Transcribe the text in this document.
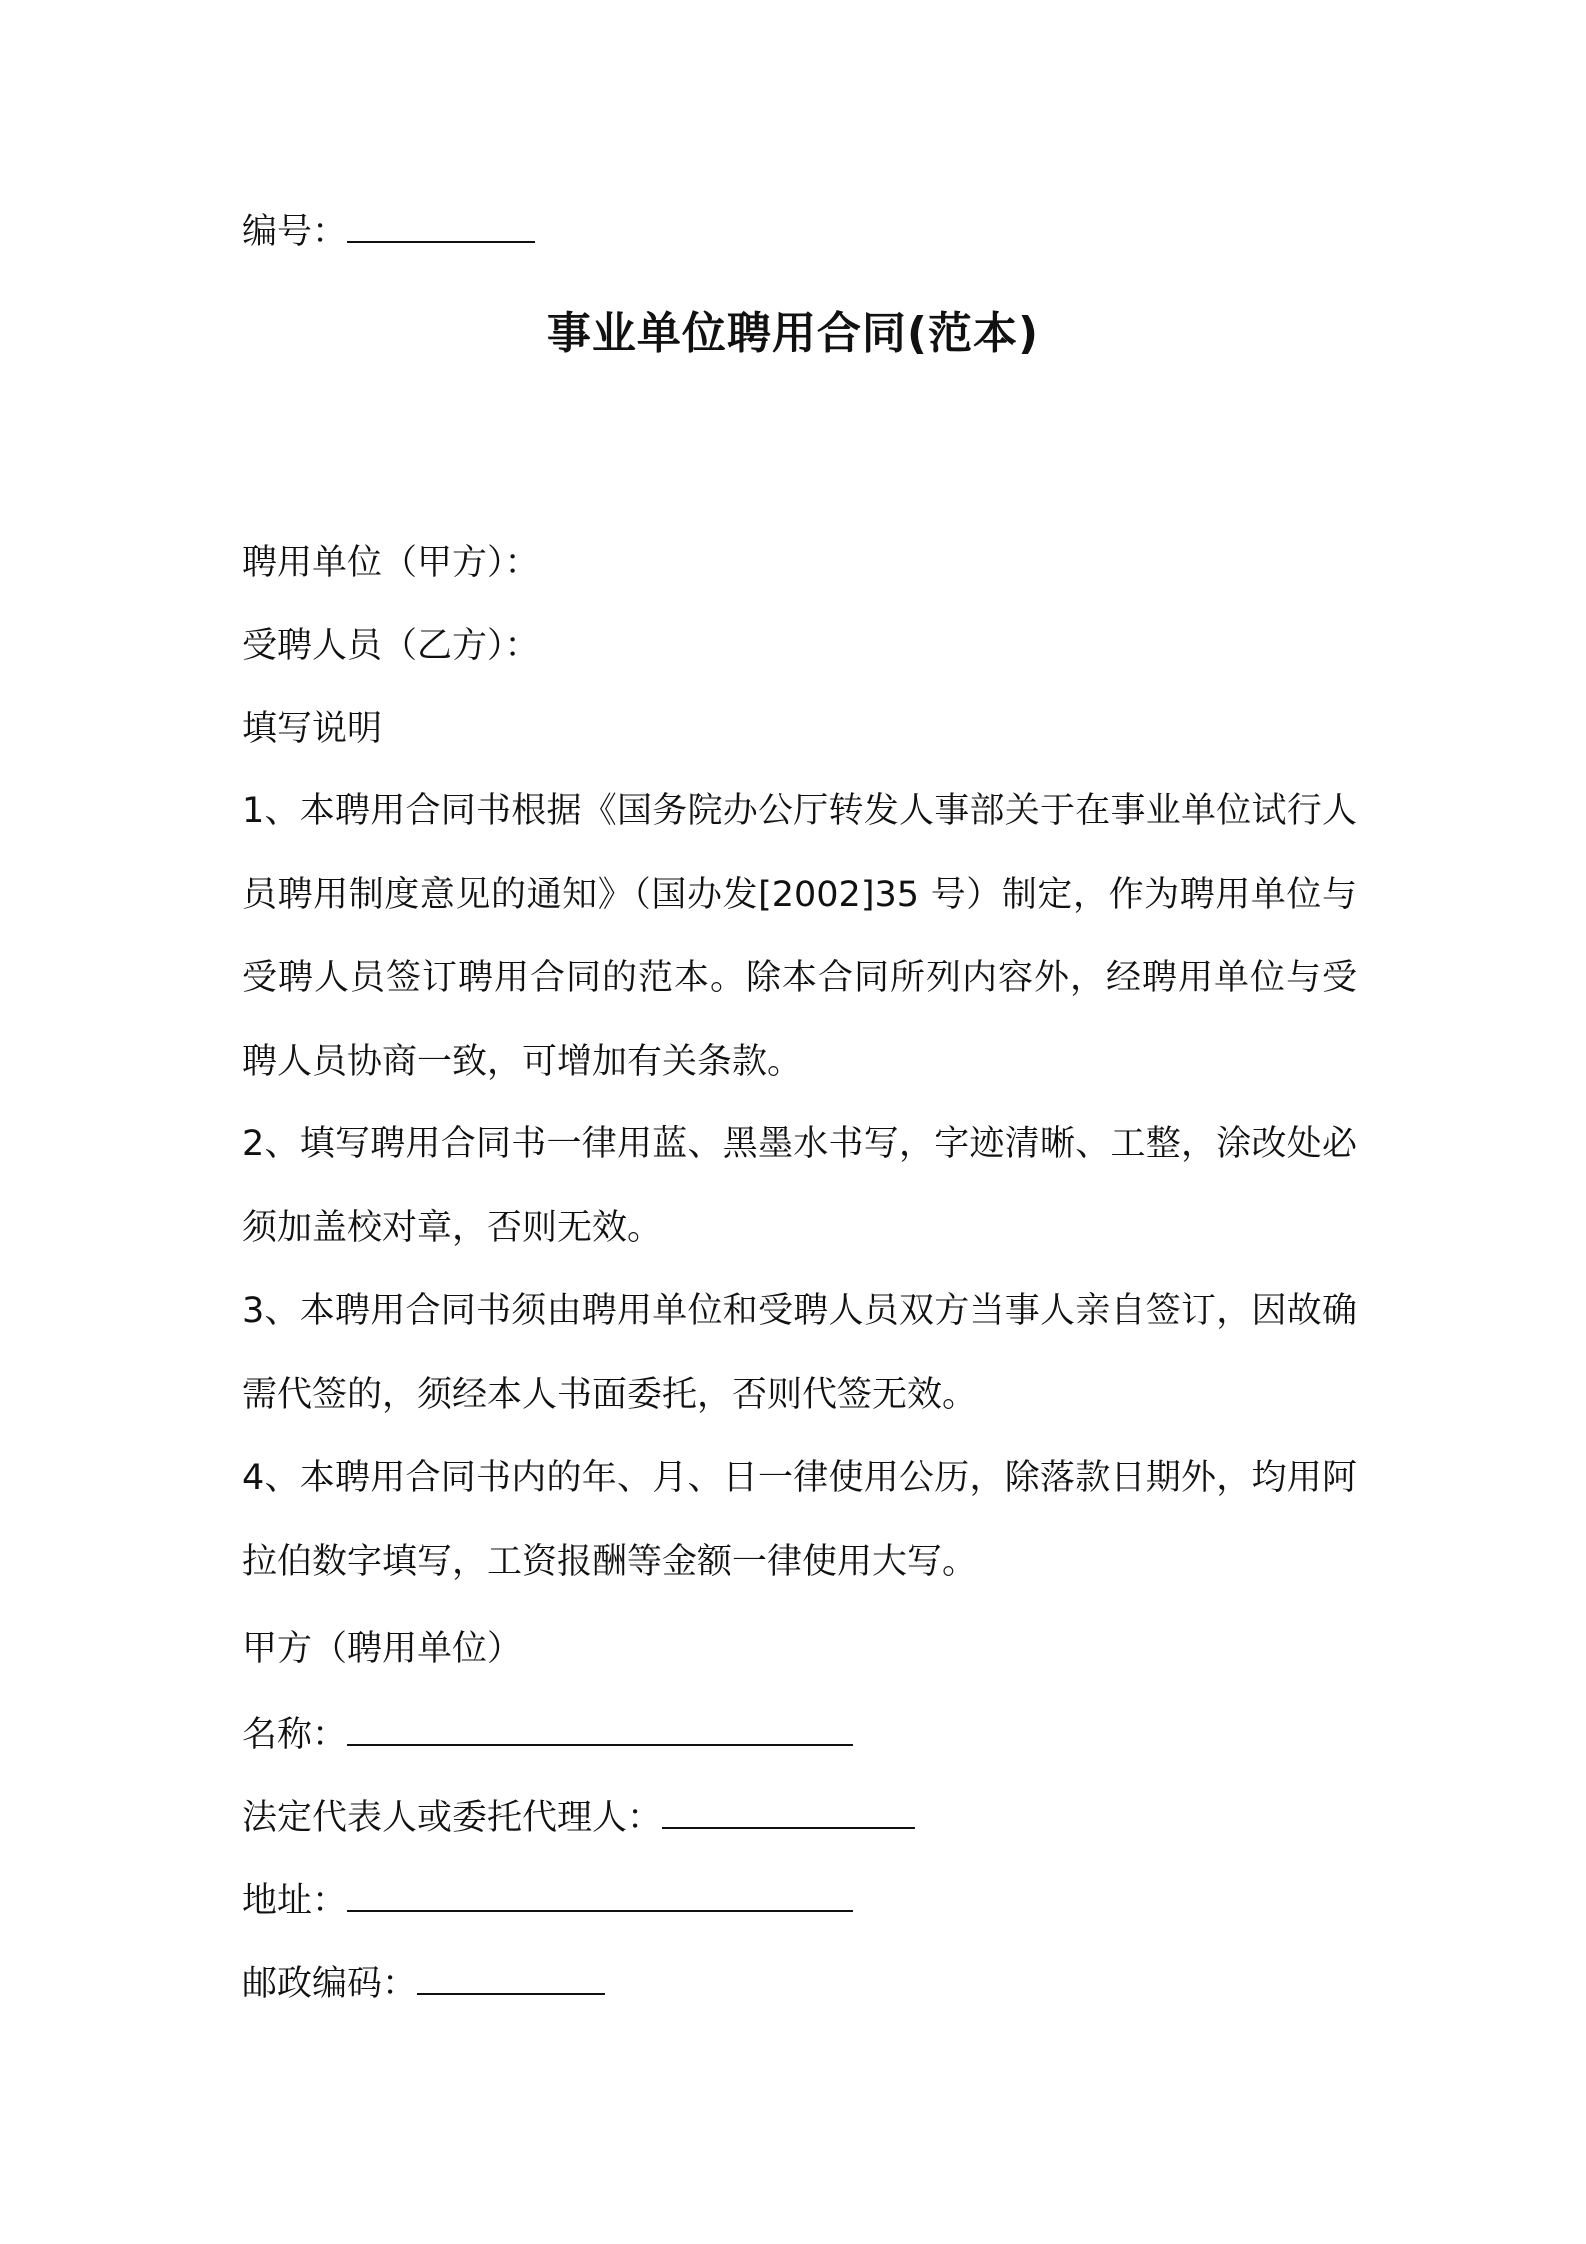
编号：
事业单位聘用合同(范本)
聘用单位（甲方）：
受聘人员（乙方）：
填写说明
1、本聘用合同书根据《国务院办公厅转发人事部关于在事业单位试行人员聘用制度意见的通知》（国办发[2002]35 号）制定，作为聘用单位与受聘人员签订聘用合同的范本。除本合同所列内容外，经聘用单位与受聘人员协商一致，可增加有关条款。
2、填写聘用合同书一律用蓝、黑墨水书写，字迹清晰、工整，涂改处必须加盖校对章，否则无效。
3、本聘用合同书须由聘用单位和受聘人员双方当事人亲自签订，因故确需代签的，须经本人书面委托，否则代签无效。
4、本聘用合同书内的年、月、日一律使用公历，除落款日期外，均用阿拉伯数字填写，工资报酬等金额一律使用大写。
甲方（聘用单位）
名称：
法定代表人或委托代理人：
地址：
邮政编码：
